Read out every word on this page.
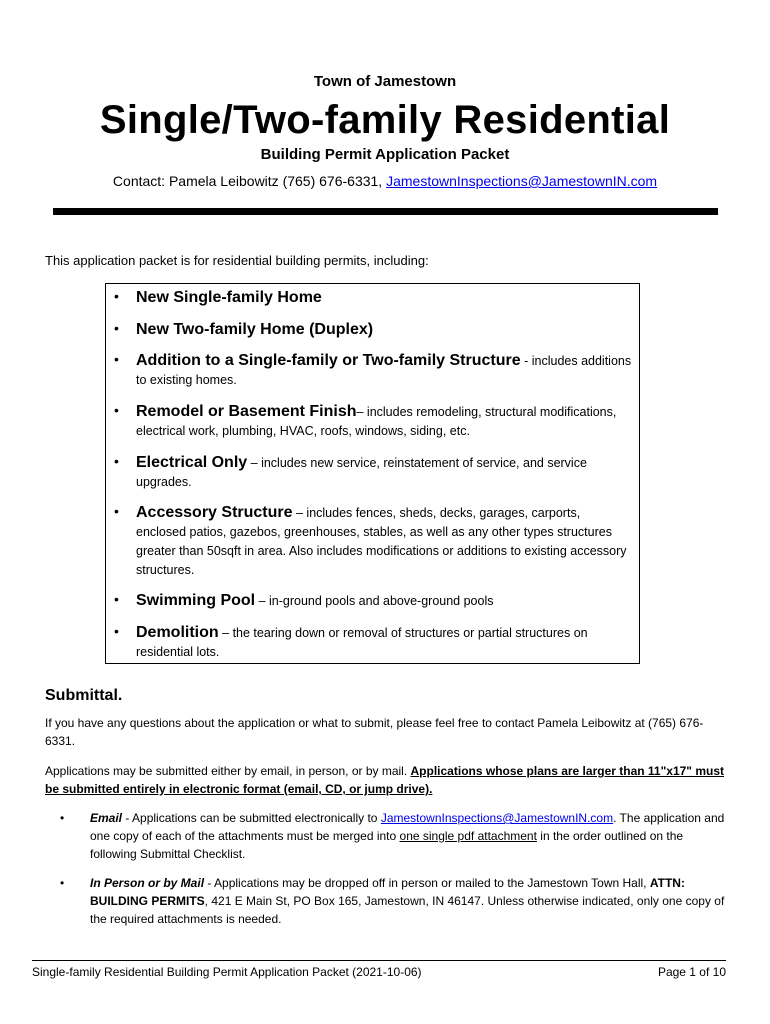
Town of Jamestown
Single/Two-family Residential
Building Permit Application Packet
Contact: Pamela Leibowitz (765) 676-6331, JamestownInspections@JamestownIN.com
This application packet is for residential building permits, including:
• New Single-family Home
• New Two-family Home (Duplex)
• Addition to a Single-family or Two-family Structure - includes additions to existing homes.
• Remodel or Basement Finish– includes remodeling, structural modifications, electrical work, plumbing, HVAC, roofs, windows, siding, etc.
• Electrical Only – includes new service, reinstatement of service, and service upgrades.
• Accessory Structure – includes fences, sheds, decks, garages, carports, enclosed patios, gazebos, greenhouses, stables, as well as any other types structures greater than 50sqft in area. Also includes modifications or additions to existing accessory structures.
• Swimming Pool – in-ground pools and above-ground pools
• Demolition – the tearing down or removal of structures or partial structures on residential lots.
Submittal.
If you have any questions about the application or what to submit, please feel free to contact Pamela Leibowitz at (765) 676-6331.
Applications may be submitted either by email, in person, or by mail. Applications whose plans are larger than 11"x17" must be submitted entirely in electronic format (email, CD, or jump drive).
• Email - Applications can be submitted electronically to JamestownInspections@JamestownIN.com. The application and one copy of each of the attachments must be merged into one single pdf attachment in the order outlined on the following Submittal Checklist.
• In Person or by Mail - Applications may be dropped off in person or mailed to the Jamestown Town Hall, ATTN: BUILDING PERMITS, 421 E Main St, PO Box 165, Jamestown, IN 46147. Unless otherwise indicated, only one copy of the required attachments is needed.
Single-family Residential Building Permit Application Packet (2021-10-06)	Page 1 of 10
